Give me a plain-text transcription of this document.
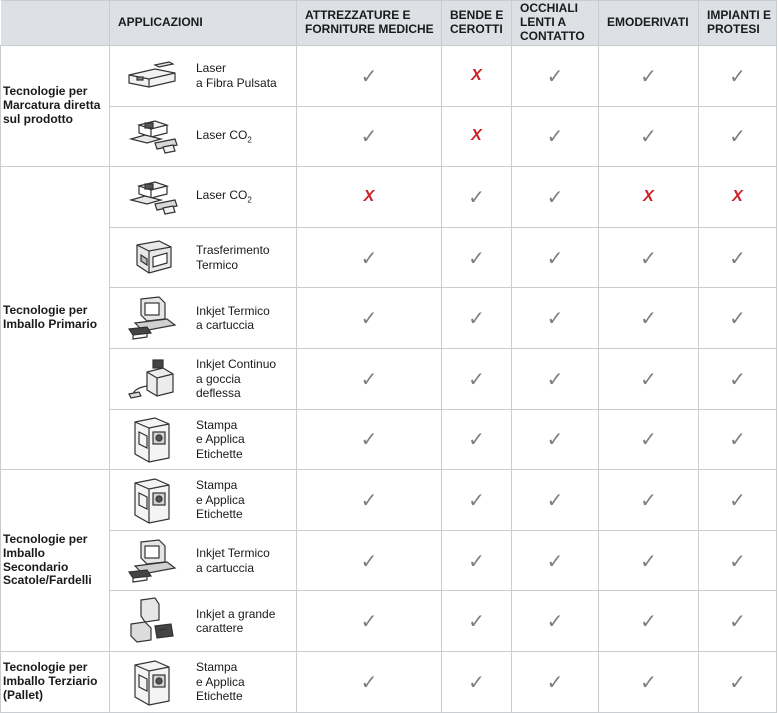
	APPLICAZIONI	ATTREZZATURE E FORNITURE MEDICHE	BENDE E CEROTTI	OCCHIALI LENTI A CONTATTO	EMODERIVATI	IMPIANTI E PROTESI
Tecnologie per Marcatura diretta sul prodotto	Laser
a Fibra Pulsata	✓	X	✓	✓	✓

	Laser $CO_2$	✓	X	✓	✓	✓
Tecnologie per Imballo Primario	Laser $CO_2$	X	✓	✓	X	X

	Trasferimento
Termico	✓	✓	✓	✓	✓

	Inkjet Termico
a cartuccia	✓	✓	✓	✓	✓

	Inkjet Continuo
a goccia
deflessa	✓	✓	✓	✓	✓

	Stampa
e Applica
Etichette	✓	✓	✓	✓	✓
Tecnologie per Imballo Secondario Scatole/Fardelli	Stampa
e Applica
Etichette	✓	✓	✓	✓	✓

	Inkjet Termico
a cartuccia	✓	✓	✓	✓	✓

	Inkjet a grande
carattere	✓	✓	✓	✓	✓
Tecnologie per Imballo Terziario (Pallet)	Stampa
e Applica
Etichette	✓	✓	✓	✓	✓
